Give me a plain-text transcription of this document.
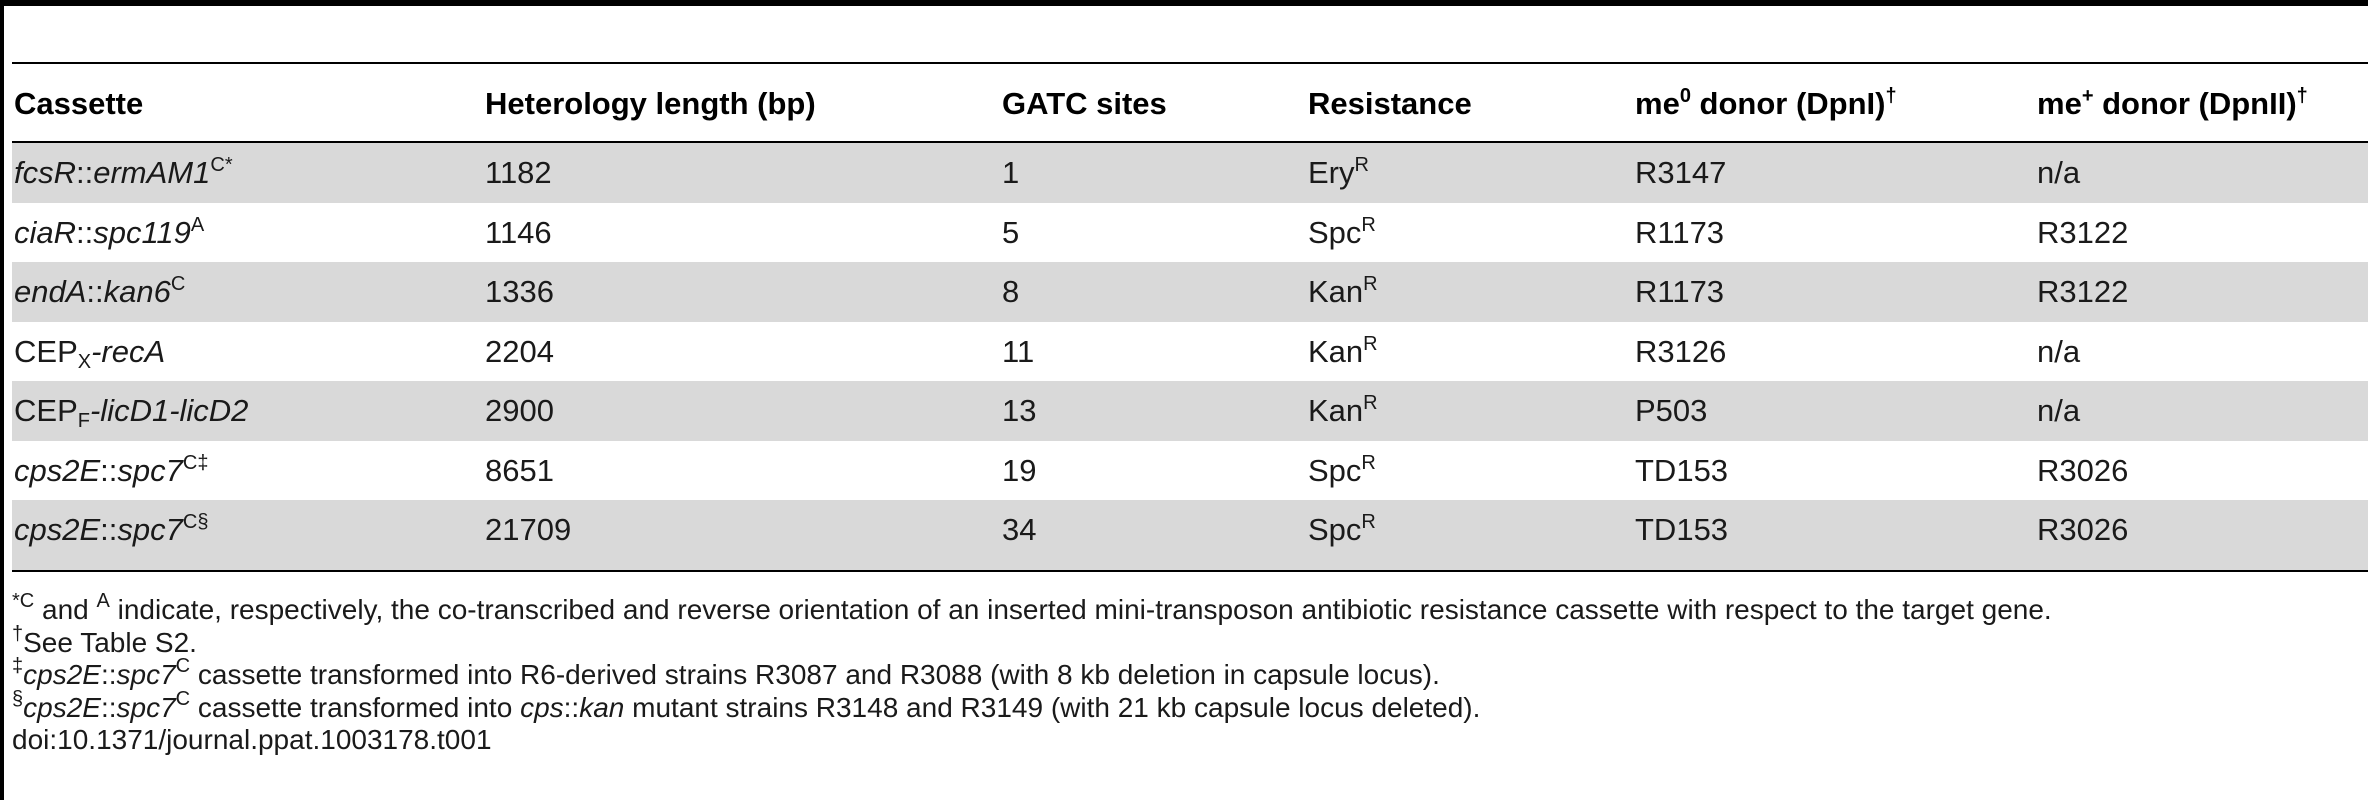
Cassette	Heterology length (bp)	GATC sites	Resistance	$me^0$ donor (DpnI)†	me+ donor (DpnII)†
$fcsR::ermAM1^{C*}$	1182	1	Ery$^R$	R3147	n/a
$ciaR::spc119^A$	1146	5	Spc$^R$	R1173	R3122
$endA::kan6^C$	1336	8	Kan$^R$	R1173	R3122
$CEP_X$-recA	2204	11	Kan$^R$	R3126	n/a
$CEP_F-licD1-licD2$	2900	13	Kan$^R$	P503	n/a
$cps2E::spc7^{C\ddagger}$	8651	19	Spc$^R$	TD153	R3026
$cps2E::spc7^{C\S}$	21709	34	Spc$^R$	TD153	R3026
$^{*C}$ and $^A$ indicate, respectively, the co-transcribed and reverse orientation of an inserted mini-transposon antibiotic resistance cassette with respect to the target gene.
†See Table S2.
$^\ddagger cps2E::spc7^C$ cassette transformed into R6-derived strains R3087 and R3088 (with 8 kb deletion in capsule locus).
$^\S cps2E::spc7^C$ cassette transformed into cps::kan mutant strains R3148 and R3149 (with 21 kb capsule locus deleted).
doi:10.1371/journal.ppat.1003178.t001
